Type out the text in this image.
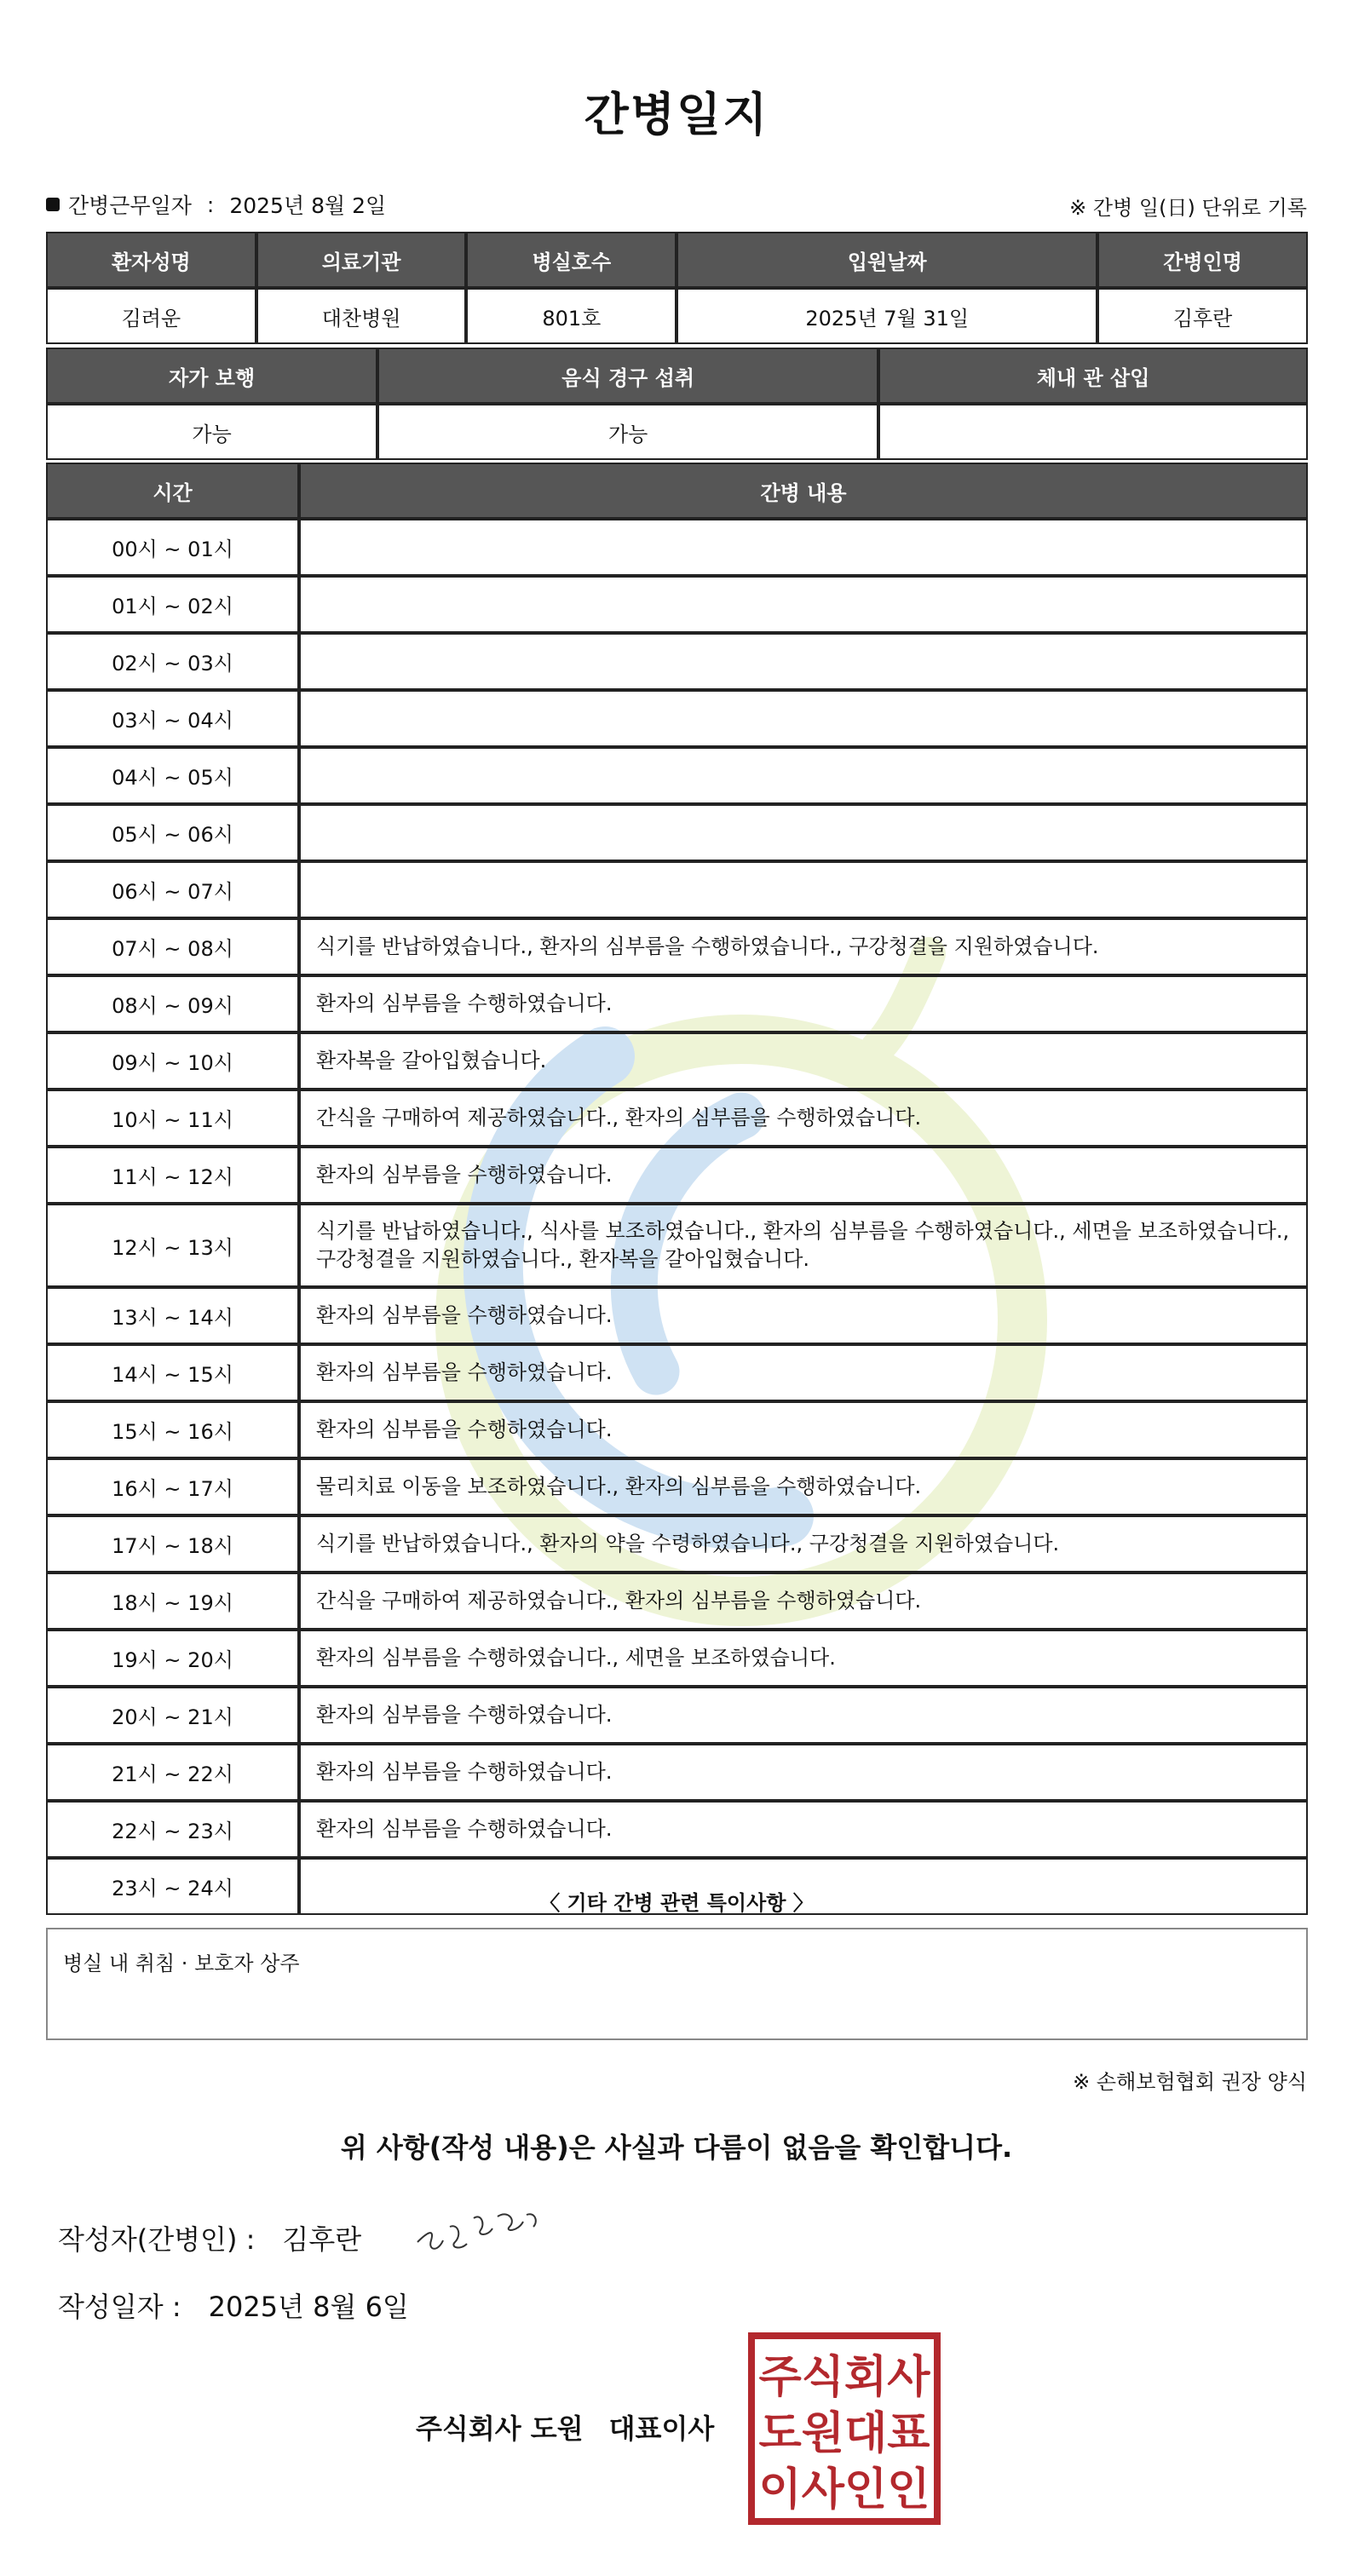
간병일지
간병근무일자 : 2025년 8월 2일	※ 간병 일(日) 단위로 기록
환자성명	의료기관	병실호수	입원날짜	간병인명
김려운	대찬병원	801호	2025년 7월 31일	김후란
자가 보행	음식 경구 섭취	체내 관 삽입
가능	가능	
시간	간병 내용
00시 ~ 01시	
01시 ~ 02시	
02시 ~ 03시	
03시 ~ 04시	
04시 ~ 05시	
05시 ~ 06시	
06시 ~ 07시	
07시 ~ 08시	식기를 반납하였습니다., 환자의 심부름을 수행하였습니다., 구강청결을 지원하였습니다.
08시 ~ 09시	환자의 심부름을 수행하였습니다.
09시 ~ 10시	환자복을 갈아입혔습니다.
10시 ~ 11시	간식을 구매하여 제공하였습니다., 환자의 심부름을 수행하였습니다.
11시 ~ 12시	환자의 심부름을 수행하였습니다.
12시 ~ 13시	식기를 반납하였습니다., 식사를 보조하였습니다., 환자의 심부름을 수행하였습니다., 세면을 보조하였습니다., 구강청결을 지원하였습니다., 환자복을 갈아입혔습니다.
13시 ~ 14시	환자의 심부름을 수행하였습니다.
14시 ~ 15시	환자의 심부름을 수행하였습니다.
15시 ~ 16시	환자의 심부름을 수행하였습니다.
16시 ~ 17시	물리치료 이동을 보조하였습니다., 환자의 심부름을 수행하였습니다.
17시 ~ 18시	식기를 반납하였습니다., 환자의 약을 수령하였습니다., 구강청결을 지원하였습니다.
18시 ~ 19시	간식을 구매하여 제공하였습니다., 환자의 심부름을 수행하였습니다.
19시 ~ 20시	환자의 심부름을 수행하였습니다., 세면을 보조하였습니다.
20시 ~ 21시	환자의 심부름을 수행하였습니다.
21시 ~ 22시	환자의 심부름을 수행하였습니다.
22시 ~ 23시	환자의 심부름을 수행하였습니다.
23시 ~ 24시	
〈 기타 간병 관련 특이사항 〉
병실 내 취침 · 보호자 상주
※ 손해보험협회 권장 양식
위 사항(작성 내용)은 사실과 다름이 없음을 확인합니다.
작성자(간병인) : 김후란
작성일자 : 2025년 8월 6일
주식회사 도원 대표이사
주식회사
도원대표
이사인인
